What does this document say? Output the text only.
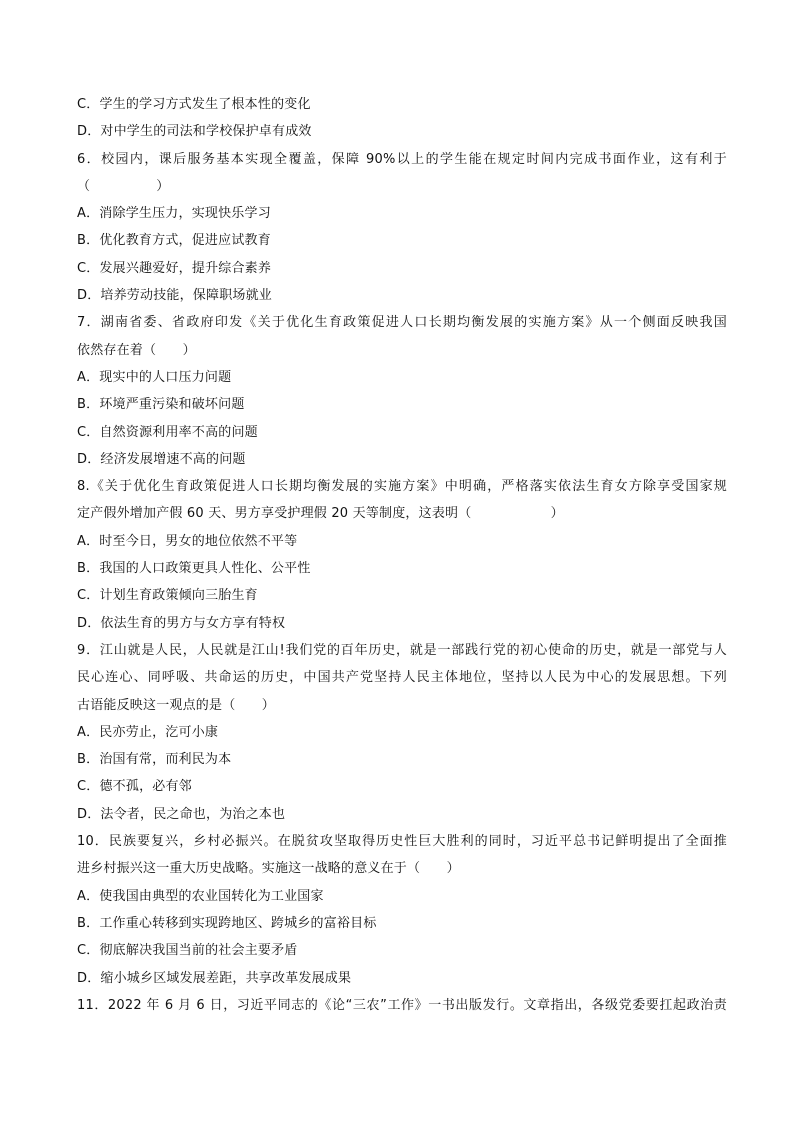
C．学生的学习方式发生了根本性的变化
D．对中学生的司法和学校保护卓有成效
6．校园内，课后服务基本实现全覆盖，保障 90%以上的学生能在规定时间内完成书面作业，这有利于
（　　　　　）
A．消除学生压力，实现快乐学习
B．优化教育方式，促进应试教育
C．发展兴趣爱好，提升综合素养
D．培养劳动技能，保障职场就业
7．湖南省委、省政府印发《关于优化生育政策促进人口长期均衡发展的实施方案》从一个侧面反映我国
依然存在着（　　）
A．现实中的人口压力问题
B．环境严重污染和破坏问题
C．自然资源利用率不高的问题
D．经济发展增速不高的问题
8.《关于优化生育政策促进人口长期均衡发展的实施方案》中明确，严格落实依法生育女方除享受国家规
定产假外增加产假 60 天、男方享受护理假 20 天等制度，这表明（　　　　　　）
A．时至今日，男女的地位依然不平等
B．我国的人口政策更具人性化、公平性
C．计划生育政策倾向三胎生育
D．依法生育的男方与女方享有特权
9．江山就是人民，人民就是江山!我们党的百年历史，就是一部践行党的初心使命的历史，就是一部党与人
民心连心、同呼吸、共命运的历史，中国共产党坚持人民主体地位，坚持以人民为中心的发展思想。下列
古语能反映这一观点的是（　　）
A．民亦劳止，汔可小康
B．治国有常，而利民为本
C．德不孤，必有邻
D．法令者，民之命也，为治之本也
10．民族要复兴，乡村必振兴。在脱贫攻坚取得历史性巨大胜利的同时，习近平总书记鲜明提出了全面推
进乡村振兴这一重大历史战略。实施这一战略的意义在于（　　）
A．使我国由典型的农业国转化为工业国家
B．工作重心转移到实现跨地区、跨城乡的富裕目标
C．彻底解决我国当前的社会主要矛盾
D．缩小城乡区域发展差距，共享改革发展成果
11．2022 年 6 月 6 日，习近平同志的《论“三农”工作》一书出版发行。文章指出，各级党委要扛起政治责
